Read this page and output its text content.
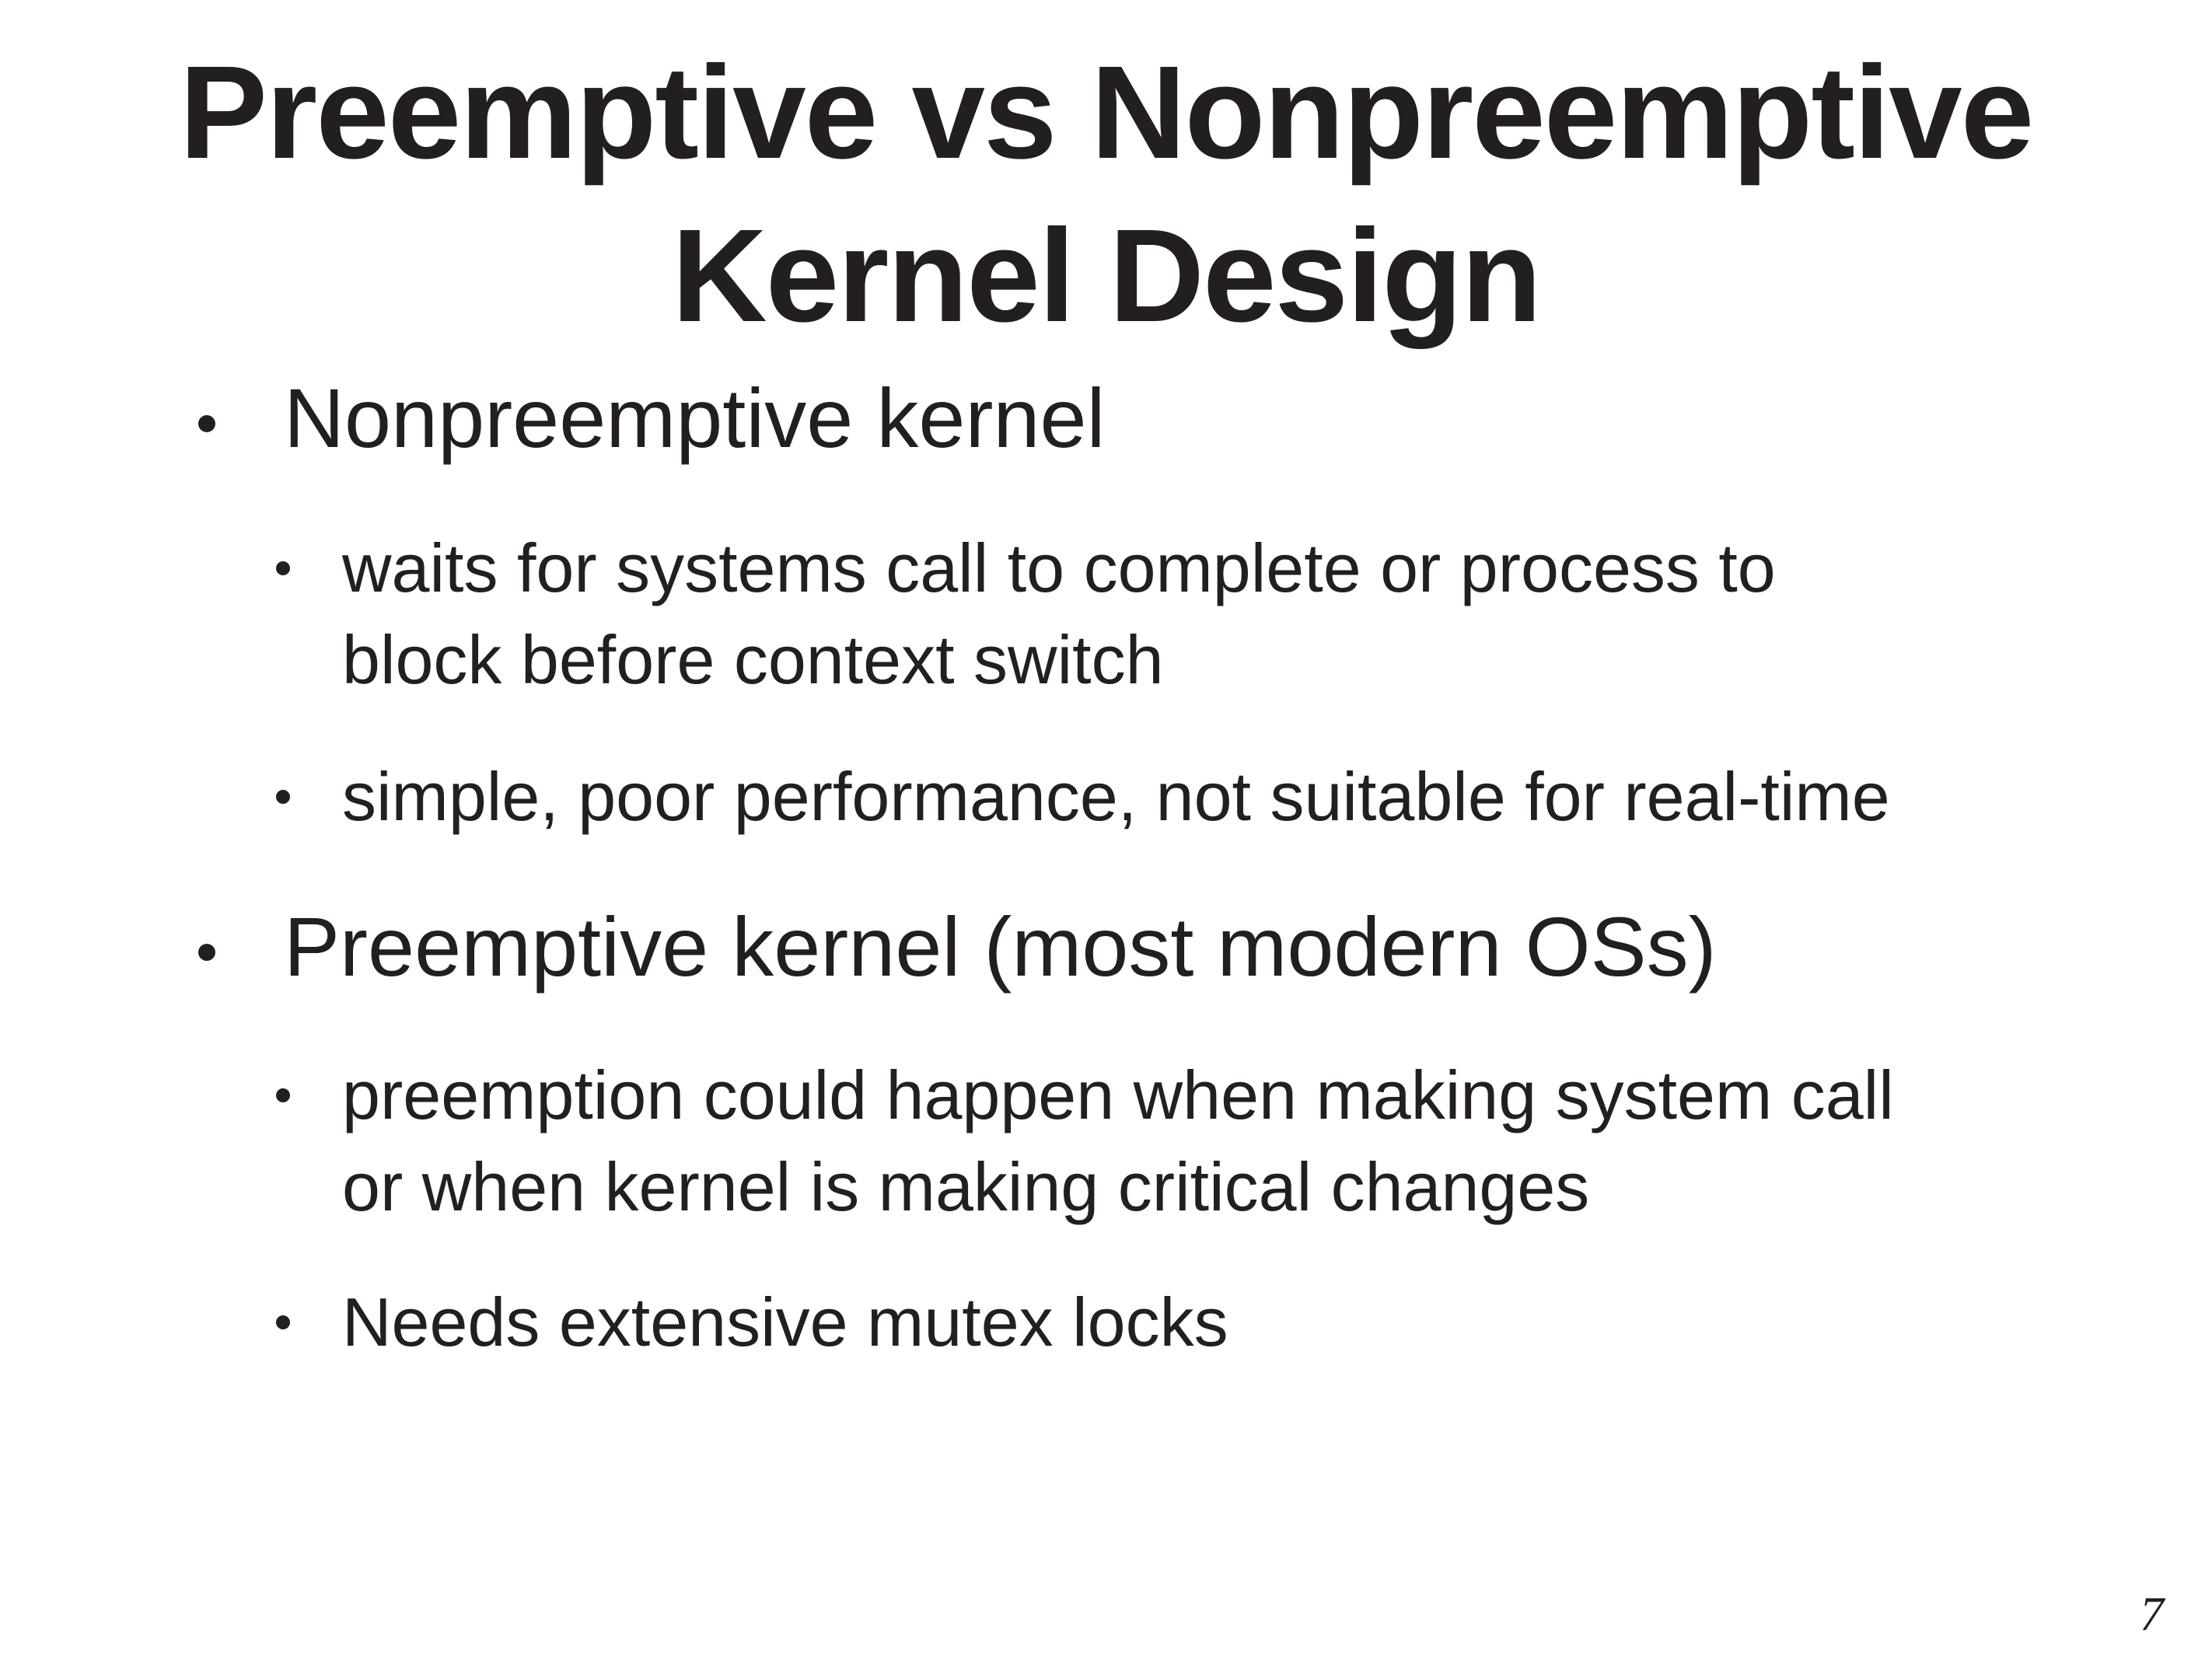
Preemptive vs Nonpreemptive
Kernel Design
Nonpreemptive kernel
waits for systems call to complete or process to
block before context switch
simple, poor performance, not suitable for real-time
Preemptive kernel (most modern OSs)
preemption could happen when making system call
or when kernel is making critical changes
Needs extensive mutex locks
7
